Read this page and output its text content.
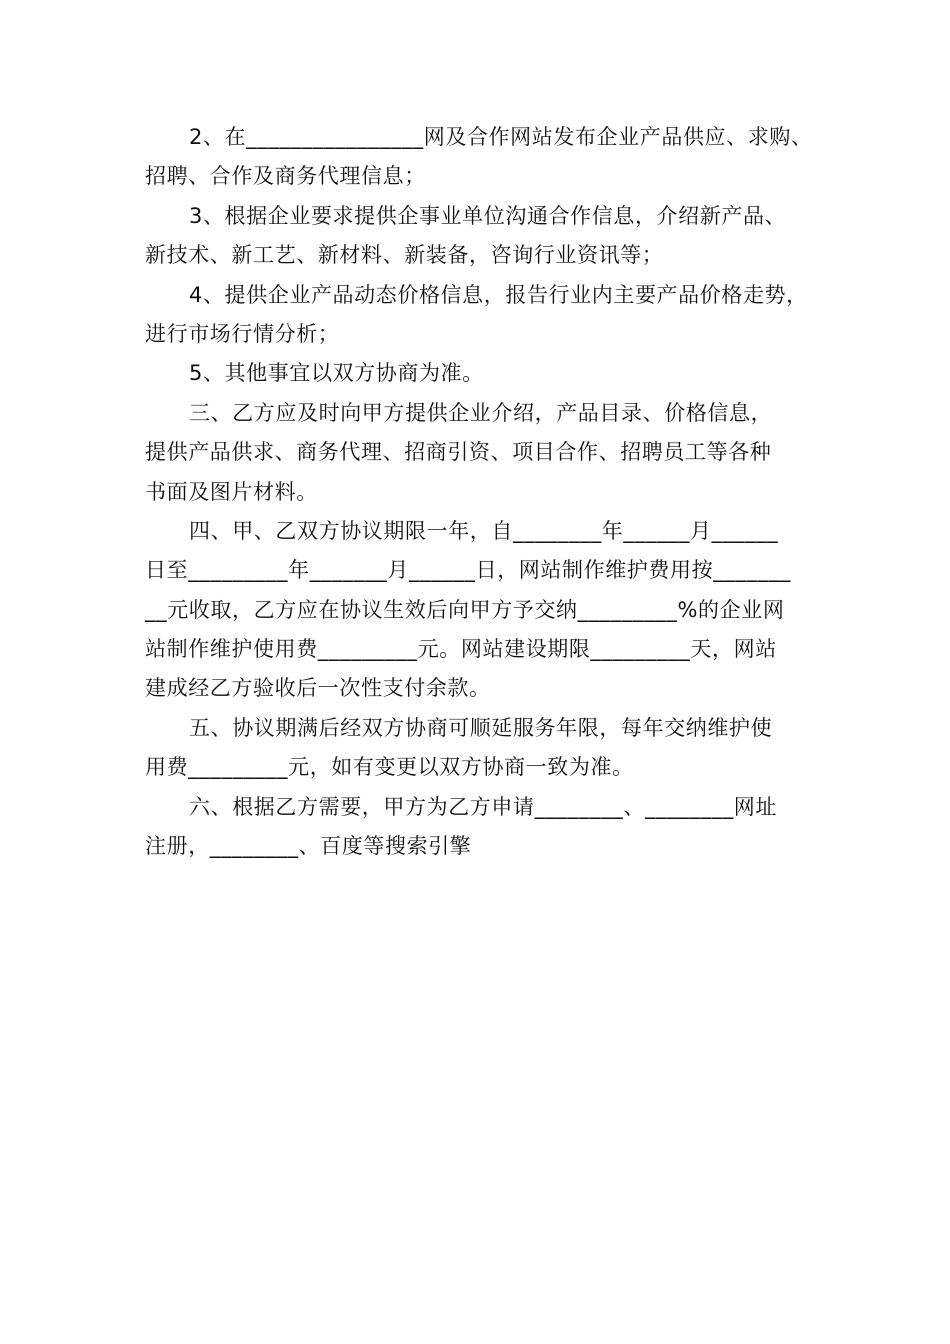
2、在________________网及合作网站发布企业产品供应、求购、
招聘、合作及商务代理信息；
3、根据企业要求提供企事业单位沟通合作信息，介绍新产品、
新技术、新工艺、新材料、新装备，咨询行业资讯等；
4、提供企业产品动态价格信息，报告行业内主要产品价格走势，
进行市场行情分析；
5、其他事宜以双方协商为准。
三、乙方应及时向甲方提供企业介绍，产品目录、价格信息，
提供产品供求、商务代理、招商引资、项目合作、招聘员工等各种
书面及图片材料。
四、甲、乙双方协议期限一年，自________年______月______
日至_________年_______月______日，网站制作维护费用按_______
__元收取，乙方应在协议生效后向甲方予交纳_________%的企业网
站制作维护使用费_________元。网站建设期限_________天，网站
建成经乙方验收后一次性支付余款。
五、协议期满后经双方协商可顺延服务年限，每年交纳维护使
用费_________元，如有变更以双方协商一致为准。
六、根据乙方需要，甲方为乙方申请________、________网址
注册，________、百度等搜索引擎
